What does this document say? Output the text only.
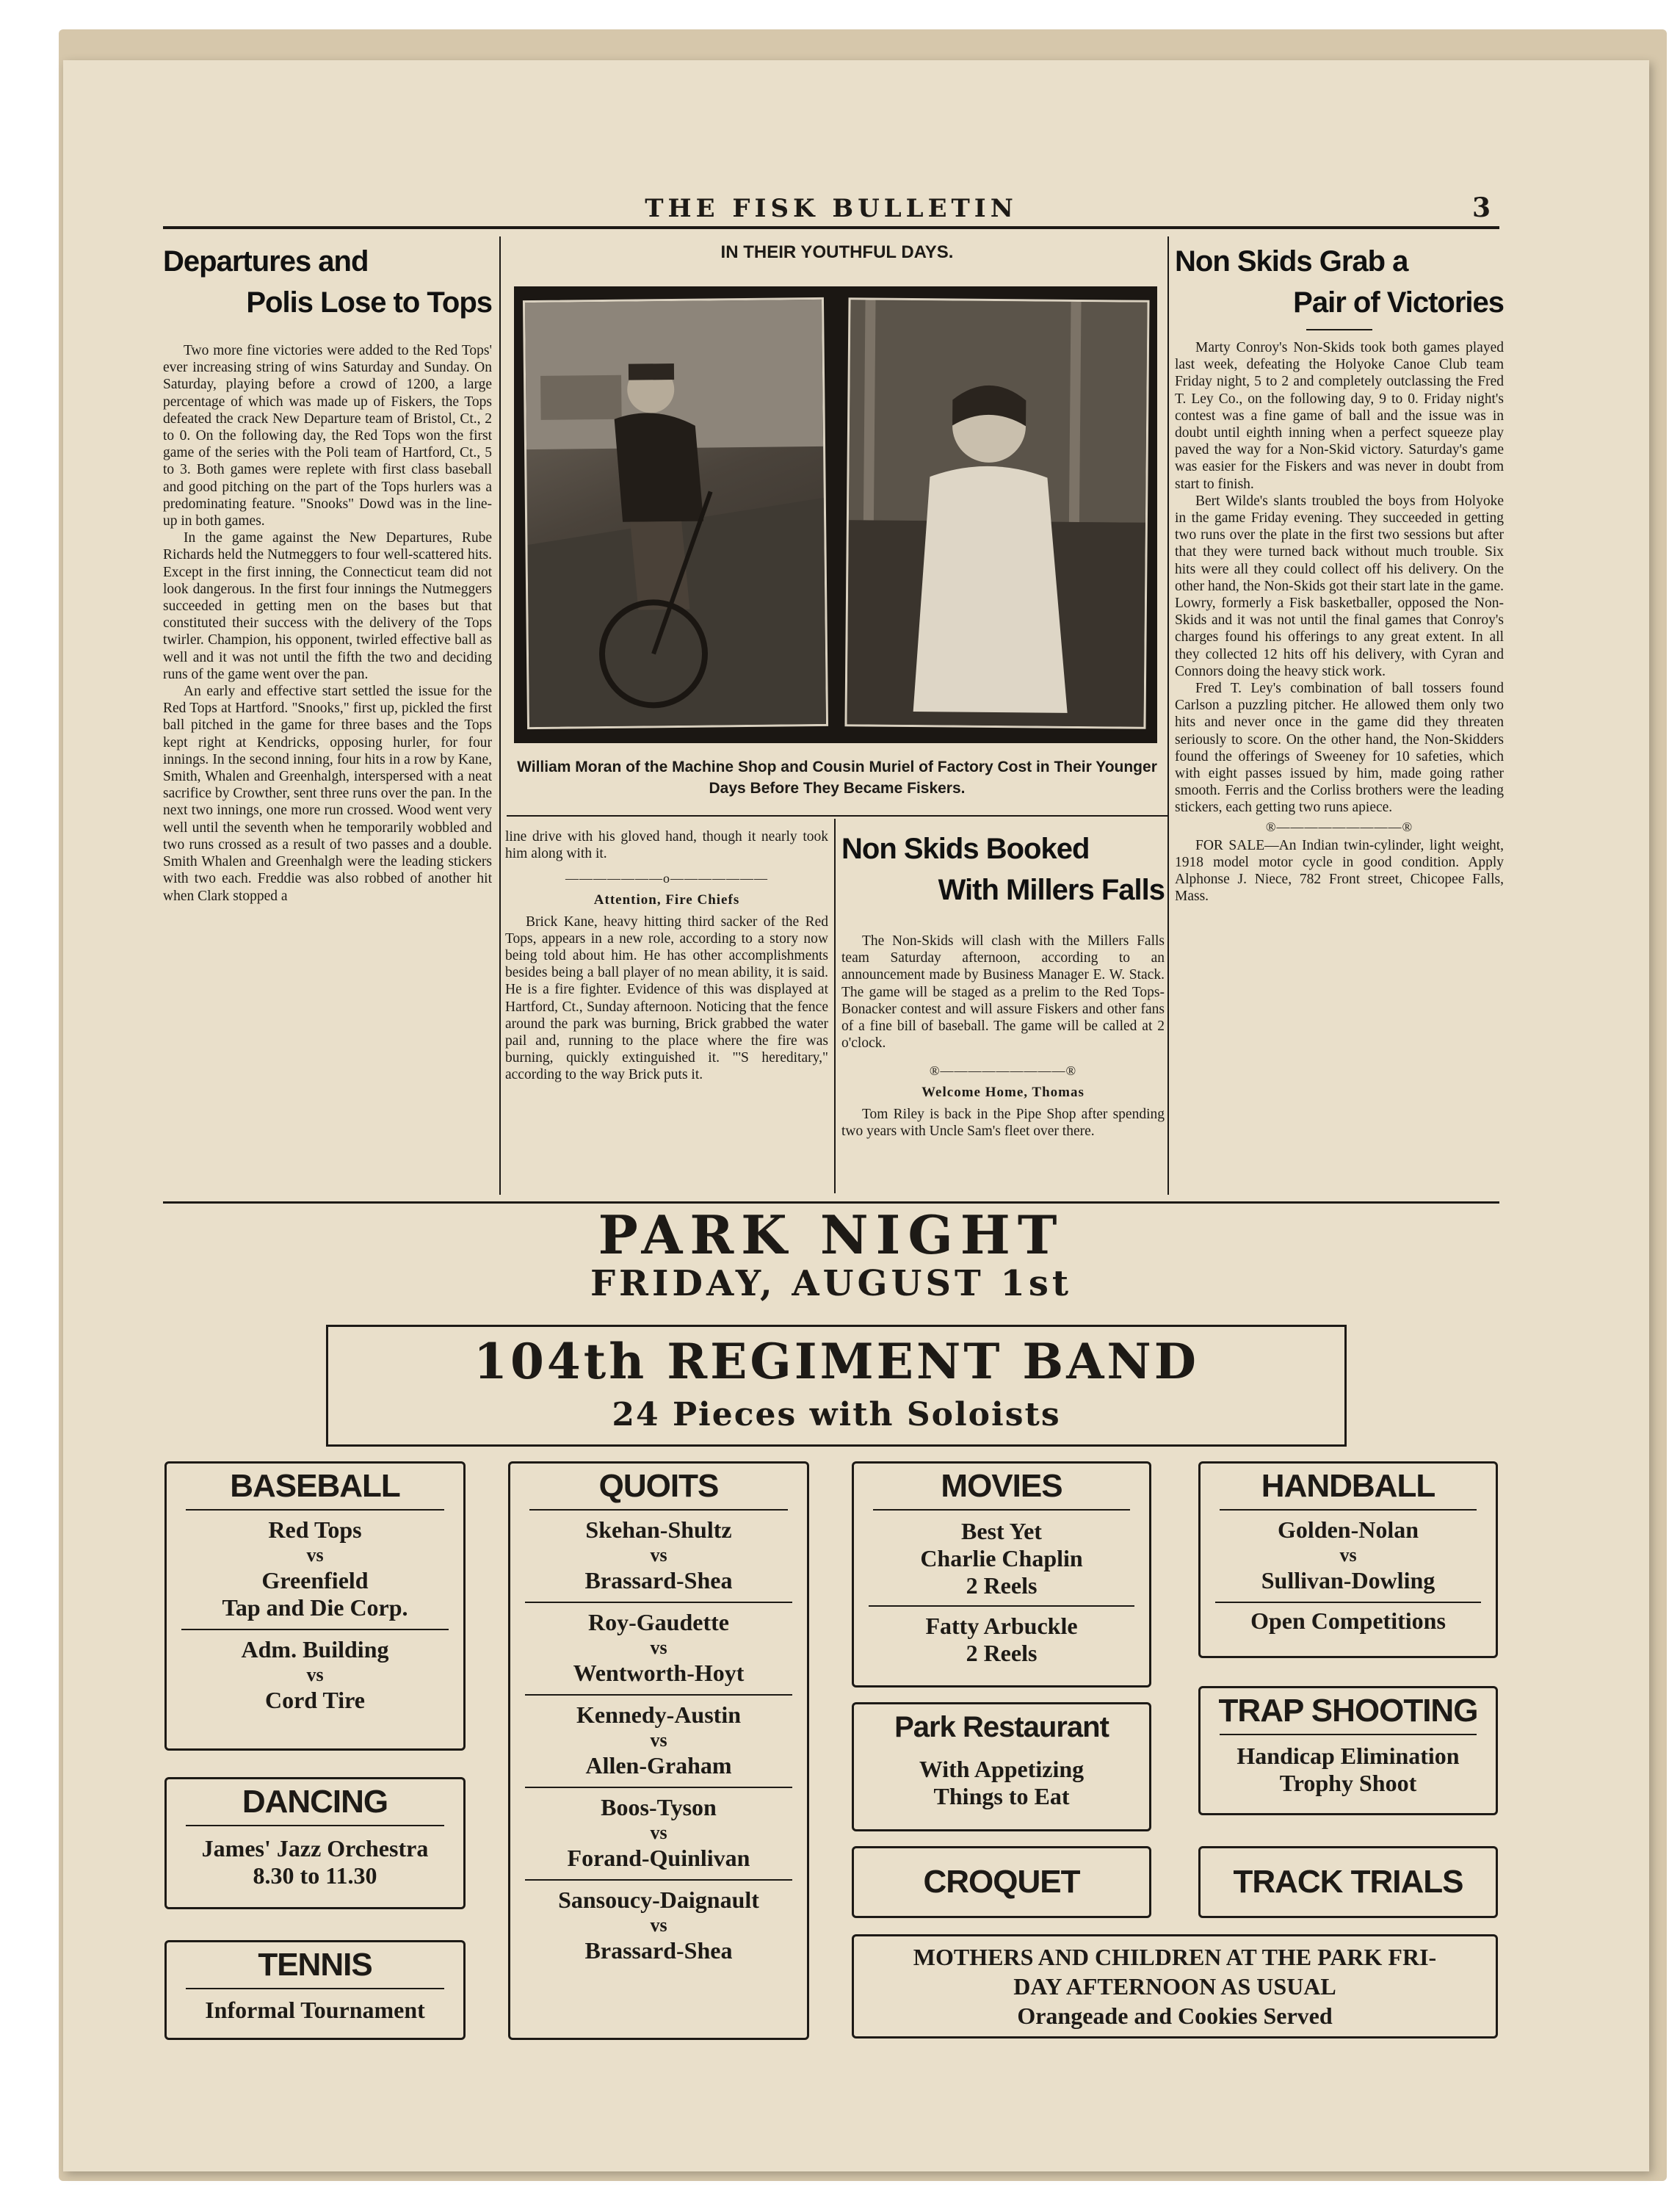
THE FISK BULLETIN	3
Departures and
Polis Lose to Tops

Two more fine victories were added to the Red Tops' ever increasing string of wins Saturday and Sunday. On Saturday, playing before a crowd of 1200, a large percentage of which was made up of Fiskers, the Tops defeated the crack New Departure team of Bristol, Ct., 2 to 0. On the following day, the Red Tops won the first game of the series with the Poli team of Hartford, Ct., 5 to 3. Both games were replete with first class baseball and good pitching on the part of the Tops hurlers was a predominating feature. "Snooks" Dowd was in the line-up in both games.

In the game against the New Departures, Rube Richards held the Nutmeggers to four well-scattered hits. Except in the first inning, the Connecticut team did not look dangerous. In the first four innings the Nutmeggers succeeded in getting men on the bases but that constituted their success with the delivery of the Tops twirler. Champion, his opponent, twirled effective ball as well and it was not until the fifth the two and deciding runs of the game went over the pan.

An early and effective start settled the issue for the Red Tops at Hartford. "Snooks," first up, pickled the first ball pitched in the game for three bases and the Tops kept right at Kendricks, opposing hurler, for four innings. In the second inning, four hits in a row by Kane, Smith, Whalen and Greenhalgh, interspersed with a neat sacrifice by Crowther, sent three runs over the pan. In the next two innings, one more run crossed. Wood went very well until the seventh when he temporarily wobbled and two runs crossed as a result of two passes and a double. Smith Whalen and Greenhalgh were the leading stickers with two each. Freddie was also robbed of another hit when Clark stopped a

IN THEIR YOUTHFUL DAYS.
William Moran of the Machine Shop and Cousin Muriel of Factory Cost in Their Younger Days Before They Became Fiskers.
line drive with his gloved hand, though it nearly took him along with it.
———————o———————
Attention, Fire Chiefs

Brick Kane, heavy hitting third sacker of the Red Tops, appears in a new role, according to a story now being told about him. He has other accomplishments besides being a ball player of no mean ability, it is said. He is a fire fighter. Evidence of this was displayed at Hartford, Ct., Sunday afternoon. Noticing that the fence around the park was burning, Brick grabbed the water pail and, running to the place where the fire was burning, quickly extinguished it. "'S hereditary," according to the way Brick puts it.

Non Skids Booked
With Millers Falls

The Non-Skids will clash with the Millers Falls team Saturday afternoon, according to an announcement made by Business Manager E. W. Stack. The game will be staged as a prelim to the Red Tops-Bonacker contest and will assure Fiskers and other fans of a fine bill of baseball. The game will be called at 2 o'clock.

®—————————®
Welcome Home, Thomas

Tom Riley is back in the Pipe Shop after spending two years with Uncle Sam's fleet over there.

Non Skids Grab a
Pair of Victories

Marty Conroy's Non-Skids took both games played last week, defeating the Holyoke Canoe Club team Friday night, 5 to 2 and completely outclassing the Fred T. Ley Co., on the following day, 9 to 0. Friday night's contest was a fine game of ball and the issue was in doubt until eighth inning when a perfect squeeze play paved the way for a Non-Skid victory. Saturday's game was easier for the Fiskers and was never in doubt from start to finish.

Bert Wilde's slants troubled the boys from Holyoke in the game Friday evening. They succeeded in getting two runs over the plate in the first two sessions but after that they were turned back without much trouble. Six hits were all they could collect off his delivery. On the other hand, the Non-Skids got their start late in the game. Lowry, formerly a Fisk basketballer, opposed the Non-Skids and it was not until the final games that Conroy's charges found his offerings to any great extent. In all they collected 12 hits off his delivery, with Cyran and Connors doing the heavy stick work.

Fred T. Ley's combination of ball tossers found Carlson a puzzling pitcher. He allowed them only two hits and never once in the game did they threaten seriously to score. On the other hand, the Non-Skidders found the offerings of Sweeney for 10 safeties, which with eight passes issued by him, made going rather smooth. Ferris and the Corliss brothers were the leading stickers, each getting two runs apiece.

®—————————®

FOR SALE—An Indian twin-cylinder, light weight, 1918 model motor cycle in good condition. Apply Alphonse J. Niece, 782 Front street, Chicopee Falls, Mass.

PARK NIGHT
FRIDAY, AUGUST 1st
104th REGIMENT BAND
24 Pieces with Soloists
BASEBALL
Red Tops
vs
Greenfield
Tap and Die Corp.
Adm. Building
vs
Cord Tire
DANCING
James' Jazz Orchestra
8.30 to 11.30
TENNIS
Informal Tournament
QUOITS
Skehan-Shultz
vs
Brassard-Shea
Roy-Gaudette
vs
Wentworth-Hoyt
Kennedy-Austin
vs
Allen-Graham
Boos-Tyson
vs
Forand-Quinlivan
Sansoucy-Daignault
vs
Brassard-Shea
MOVIES
Best Yet
Charlie Chaplin
2 Reels
Fatty Arbuckle
2 Reels
Park Restaurant
With Appetizing
Things to Eat
CROQUET
HANDBALL
Golden-Nolan
vs
Sullivan-Dowling
Open Competitions
TRAP SHOOTING
Handicap Elimination
Trophy Shoot
TRACK TRIALS
MOTHERS AND CHILDREN AT THE PARK FRI-
DAY AFTERNOON AS USUAL
Orangeade and Cookies Served
